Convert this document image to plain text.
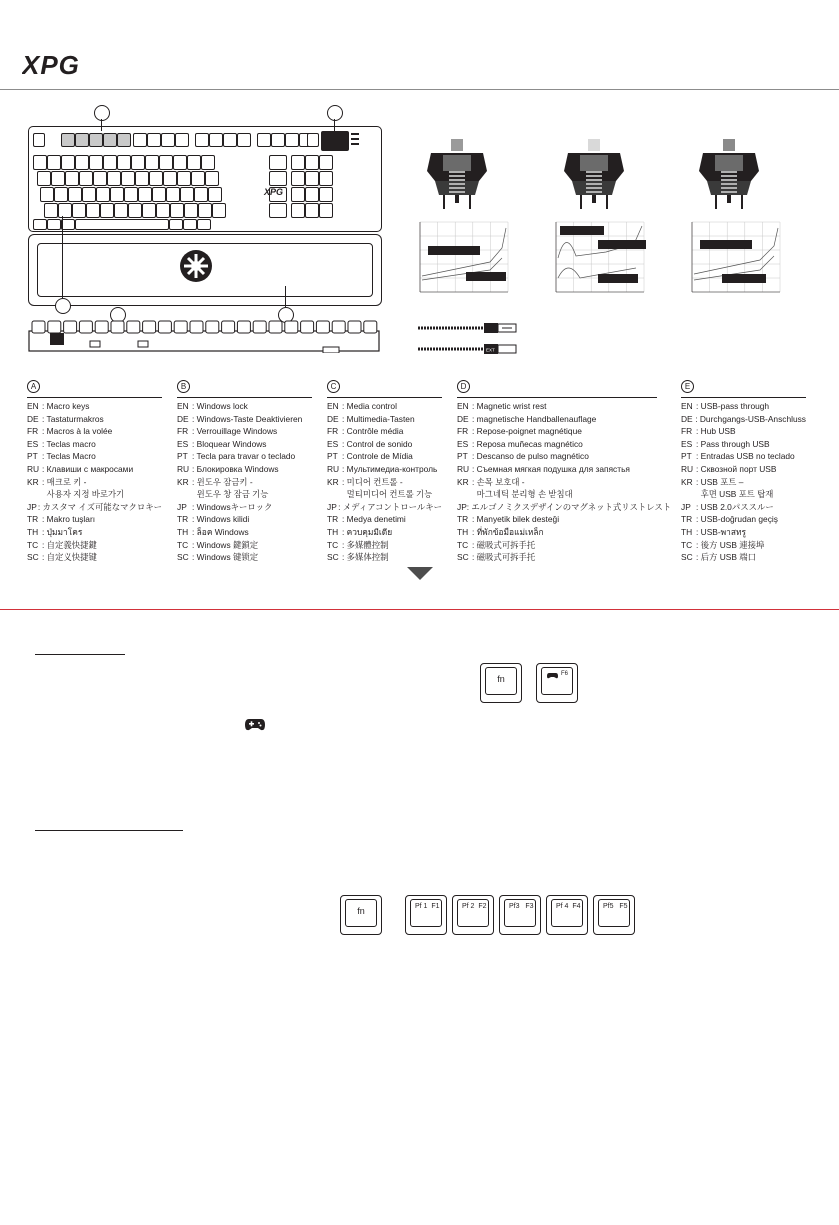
XPG
XPG
EXT
A
EN : Macro keys
DE : Tastaturmakros
FR : Macros à la volée
ES : Teclas macro
PT : Teclas Macro
RU : Клавиши с макросами
KR : 매크로 키 -
사용자 지정 바로가기
JP : カスタマ イズ可能なマクロキー
TR : Makro tuşları
TH : ปุ่มมาโคร
TC : 自定義快捷鍵
SC : 自定义快捷键
B
EN : Windows lock
DE : Windows-Taste Deaktivieren
FR : Verrouillage Windows
ES : Bloquear Windows
PT : Tecla para travar o teclado
RU : Блокировка Windows
KR : 윈도우 잠금키 -
윈도우 창 잠금 기능
JP : Windowsキーロック
TR : Windows kilidi
TH : ล็อค Windows
TC : Windows 鍵鎖定
SC : Windows 键锁定
C
EN : Media control
DE : Multimedia-Tasten
FR : Contrôle média
ES : Control de sonido
PT : Controle de Mídia
RU : Мультимедиа-контроль
KR : 미디어 컨트롤 -
멀티미디어 컨트롤 기능
JP : メディアコントロールキー
TR : Medya denetimi
TH : ควบคุมมีเดีย
TC : 多媒體控制
SC : 多媒体控制
D
EN : Magnetic wrist rest
DE : magnetische Handballenauflage
FR : Repose-poignet magnétique
ES : Reposa muñecas magnético
PT : Descanso de pulso magnético
RU : Съемная мягкая подушка для запястья
KR : 손목 보호대 -
마그네틱 분리형 손 받침대
JP : エルゴノミクスデザインのマグネット式リストレスト
TR : Manyetik bilek desteği
TH : ที่พักข้อมือแม่เหล็ก
TC : 磁吸式可拆手托
SC : 磁吸式可拆手托
E
EN : USB-pass through
DE : Durchgangs-USB-Anschluss
FR : Hub USB
ES : Pass through USB
PT : Entradas USB no teclado
RU : Сквозной порт USB
KR : USB 포트 –
후면 USB 포트 탑재
JP : USB 2.0パススルー
TR : USB-doğrudan geçiş
TH : USB-พาสทรู
TC : 後方 USB 連接埠
SC : 后方 USB 端口
fn	F6
fn	Pf 1  F1	Pf 2  F2	Pf3   F3	Pf 4  F4	Pf5   F5
